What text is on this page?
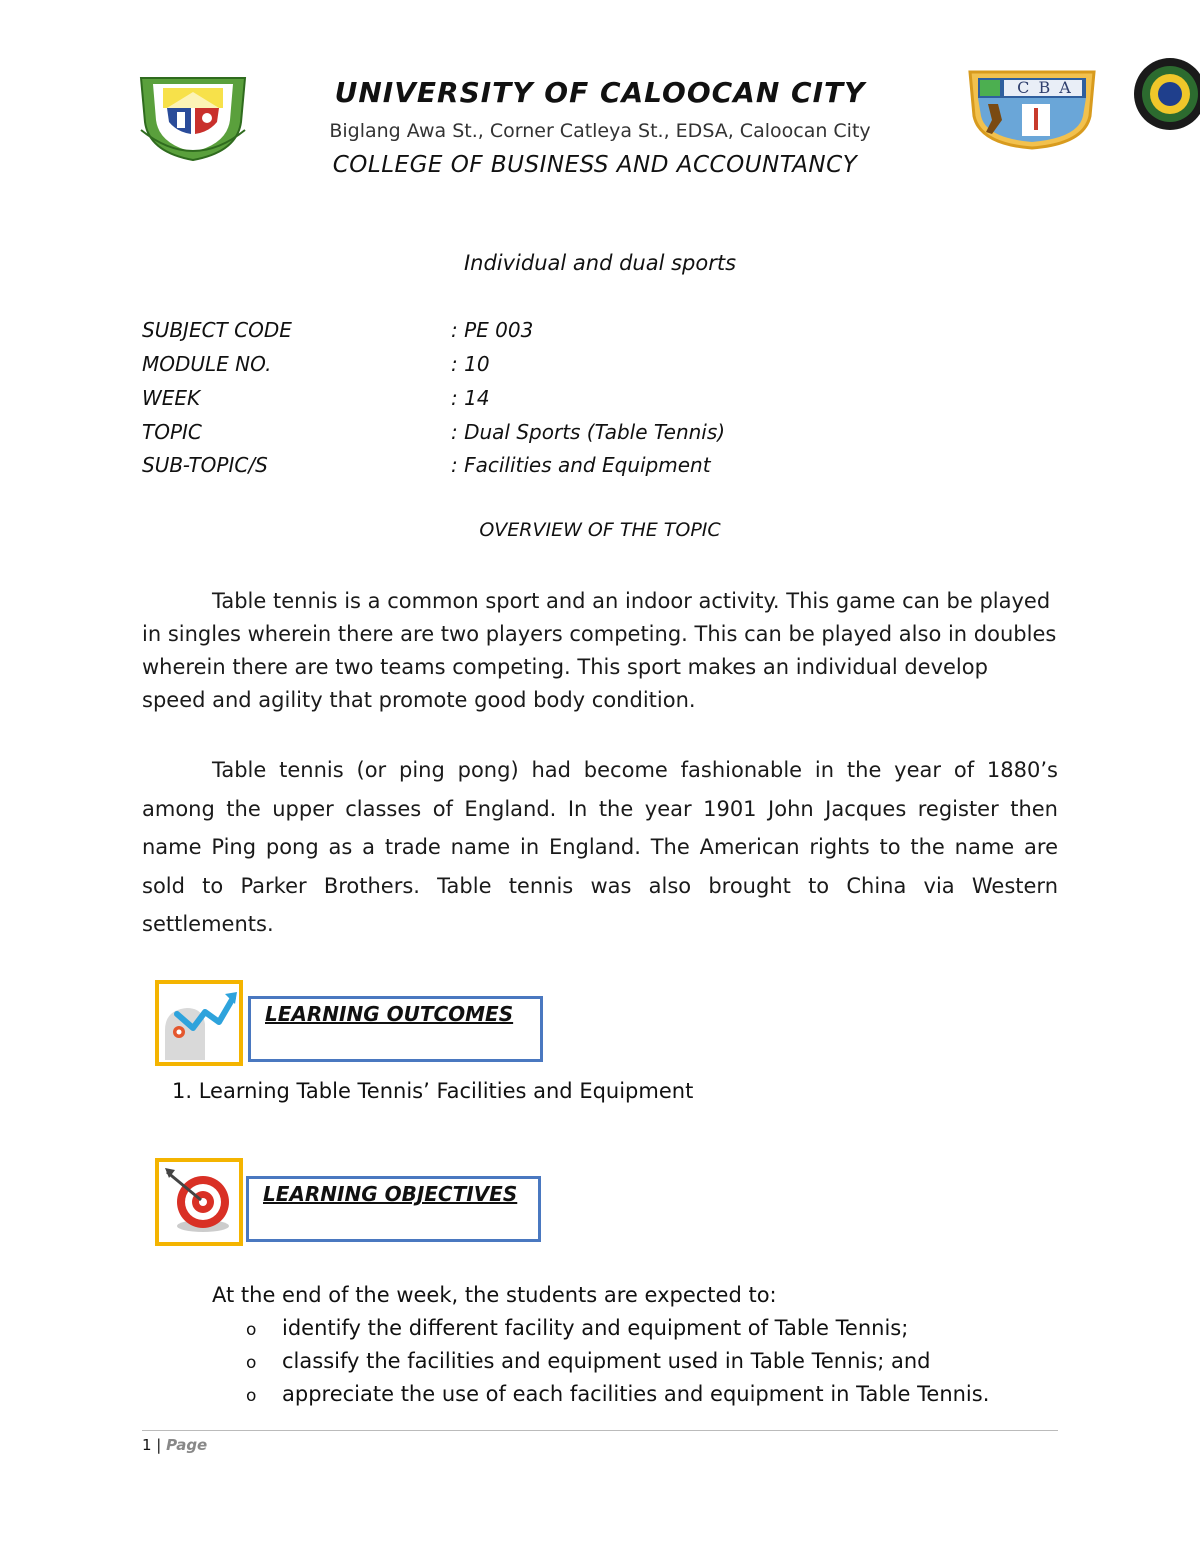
C B A
UNIVERSITY OF CALOOCAN CITY
Biglang Awa St., Corner Catleya St., EDSA, Caloocan City
COLLEGE OF BUSINESS AND ACCOUNTANCY
Individual and dual sports
SUBJECT CODE	: PE 003
MODULE NO.	: 10
WEEK	: 14
TOPIC	: Dual Sports (Table Tennis)
SUB-TOPIC/S	: Facilities and Equipment
OVERVIEW OF THE TOPIC
Table tennis is a common sport and an indoor activity. This game can be played in singles wherein there are two players competing. This can be played also in doubles wherein there are two teams competing. This sport makes an individual develop speed and agility that promote good body condition.
Table tennis (or ping pong) had become fashionable in the year of 1880’s among the upper classes of England. In the year 1901 John Jacques register then name Ping pong as a trade name in England. The American rights to the name are sold to Parker Brothers. Table tennis was also brought to China via Western settlements.
LEARNING OUTCOMES
1. Learning Table Tennis’ Facilities and Equipment
LEARNING OBJECTIVES
At the end of the week, the students are expected to:
o identify the different facility and equipment of Table Tennis;
o classify the facilities and equipment used in Table Tennis; and
o appreciate the use of each facilities and equipment in Table Tennis.
1 | Page
